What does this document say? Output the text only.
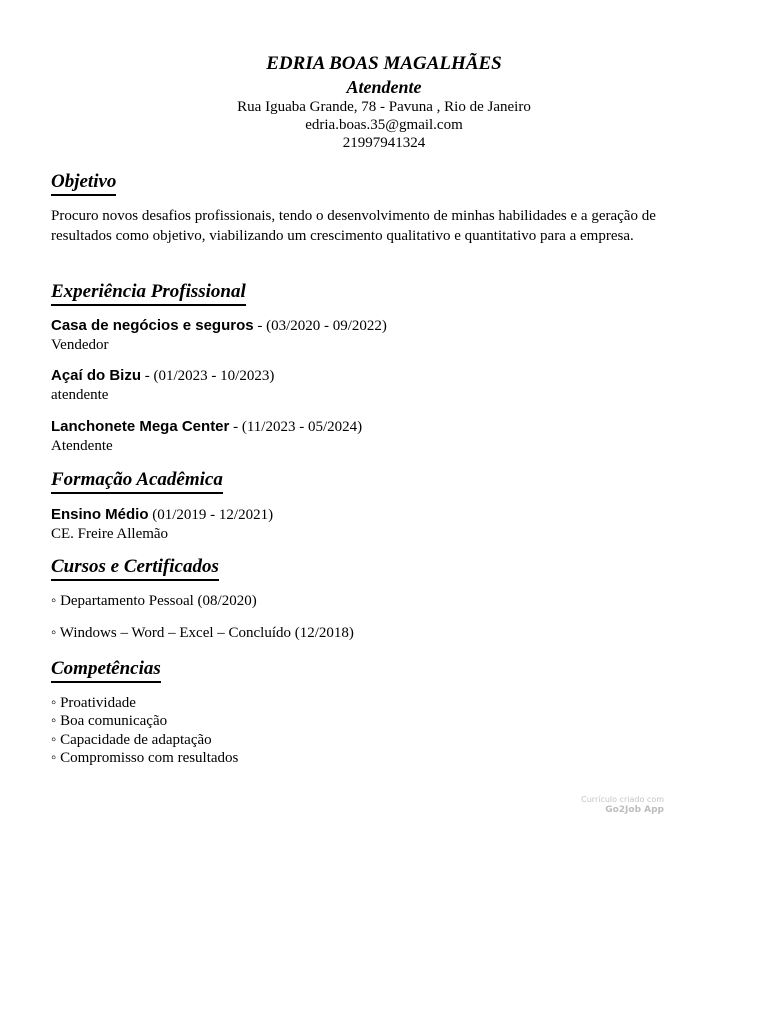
EDRIA BOAS MAGALHÃES
Atendente
Rua Iguaba Grande, 78 - Pavuna , Rio de Janeiro
edria.boas.35@gmail.com
21997941324
Objetivo
Procuro novos desafios profissionais, tendo o desenvolvimento de minhas habilidades e a geração de resultados como objetivo, viabilizando um crescimento qualitativo e quantitativo para a empresa.
Experiência Profissional
Casa de negócios e seguros - (03/2020 - 09/2022)
Vendedor
Açaí do Bizu - (01/2023 - 10/2023)
atendente
Lanchonete Mega Center - (11/2023 - 05/2024)
Atendente
Formação Acadêmica
Ensino Médio (01/2019 - 12/2021)
CE. Freire Allemão
Cursos e Certificados
◦ Departamento Pessoal (08/2020)
◦ Windows – Word – Excel – Concluído (12/2018)
Competências
◦ Proatividade
◦ Boa comunicação
◦ Capacidade de adaptação
◦ Compromisso com resultados
Currículo criado com
Go2Job App
